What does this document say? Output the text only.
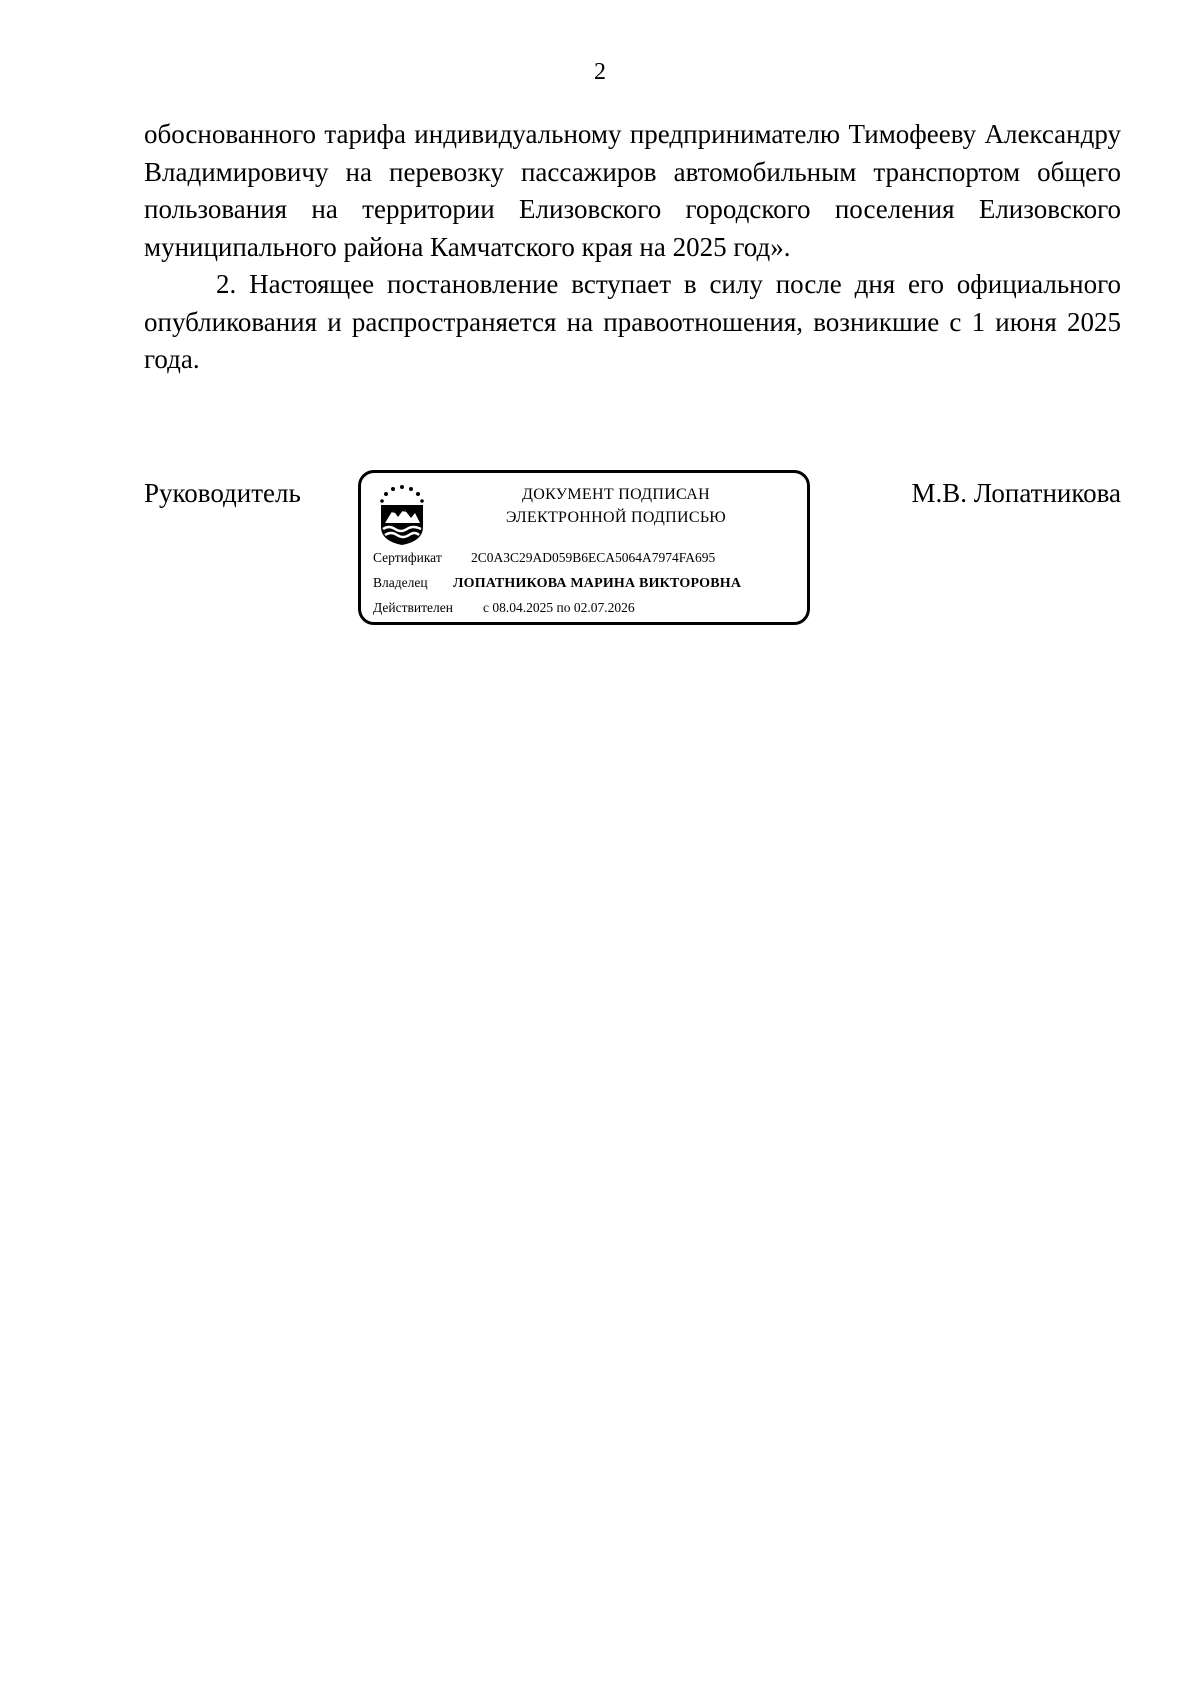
2

обоснованного тарифа индивидуальному предпринимателю Тимофееву Александру Владимировичу на перевозку пассажиров автомобильным транспортом общего пользования на территории Елизовского городского поселения Елизовского муниципального района Камчатского края на 2025 год».

2. Настоящее постановление вступает в силу после дня его официального опубликования и распространяется на правоотношения, возникшие с 1 июня 2025 года.

Руководитель	ДОКУМЕНТ ПОДПИСАН
ЭЛЕКТРОННОЙ ПОДПИСЬЮ
Сертификат 2C0A3C29AD059B6ECA5064A7974FA695
Владелец ЛОПАТНИКОВА МАРИНА ВИКТОРОВНА
Действителен с 08.04.2025 по 02.07.2026
М.В. Лопатникова
